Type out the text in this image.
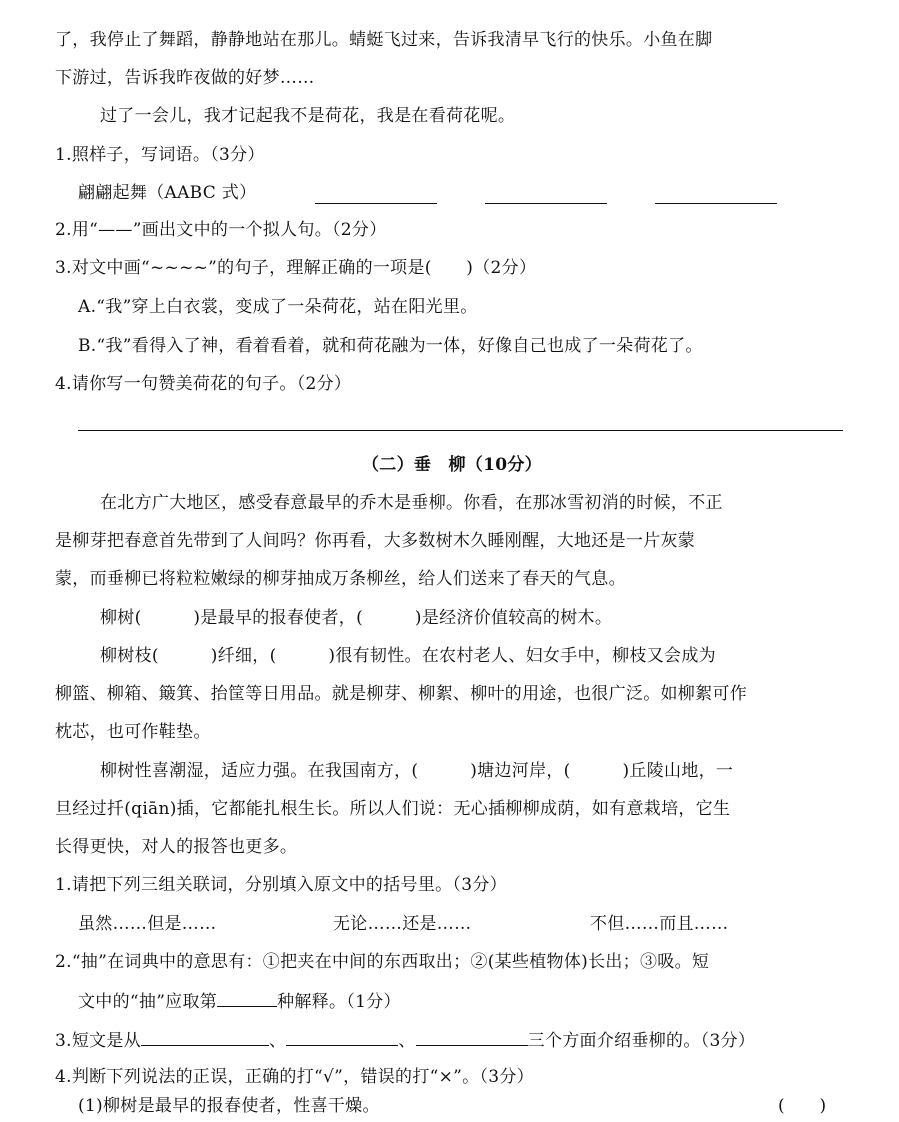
了，我停止了舞蹈，静静地站在那儿。蜻蜓飞过来，告诉我清早飞行的快乐。小鱼在脚
下游过，告诉我昨夜做的好梦……
过了一会儿，我才记起我不是荷花，我是在看荷花呢。
1.照样子，写词语。（3分）
翩翩起舞（AABC 式）
2.用“——”画出文中的一个拟人句。（2分）
3.对文中画“~~~~”的句子，理解正确的一项是(　　)（2分）
A.“我”穿上白衣裳，变成了一朵荷花，站在阳光里。
B.“我”看得入了神，看着看着，就和荷花融为一体，好像自己也成了一朵荷花了。
4.请你写一句赞美荷花的句子。（2分）
（二）垂　柳（10分）
在北方广大地区，感受春意最早的乔木是垂柳。你看，在那冰雪初消的时候，不正
是柳芽把春意首先带到了人间吗？你再看，大多数树木久睡刚醒，大地还是一片灰蒙
蒙，而垂柳已将粒粒嫩绿的柳芽抽成万条柳丝，给人们送来了春天的气息。
柳树(　　　)是最早的报春使者，(　　　)是经济价值较高的树木。
柳树枝(　　　)纤细，(　　　)很有韧性。在农村老人、妇女手中，柳枝又会成为
柳篮、柳箱、簸箕、抬筐等日用品。就是柳芽、柳絮、柳叶的用途，也很广泛。如柳絮可作
枕芯，也可作鞋垫。
柳树性喜潮湿，适应力强。在我国南方，(　　　)塘边河岸，(　　　)丘陵山地，一
旦经过扦(qiān)插，它都能扎根生长。所以人们说：无心插柳柳成荫，如有意栽培，它生
长得更快，对人的报答也更多。
1.请把下列三组关联词，分别填入原文中的括号里。（3分）
虽然……但是……	无论……还是……	不但……而且……
2.“抽”在词典中的意思有：①把夹在中间的东西取出；②(某些植物体)长出；③吸。短
文中的“抽”应取第	种解释。（1分）
3.短文是从	、	、	三个方面介绍垂柳的。（3分）
4.判断下列说法的正误，正确的打“√”，错误的打“×”。（3分）
(1)柳树是最早的报春使者，性喜干燥。	(　　)
